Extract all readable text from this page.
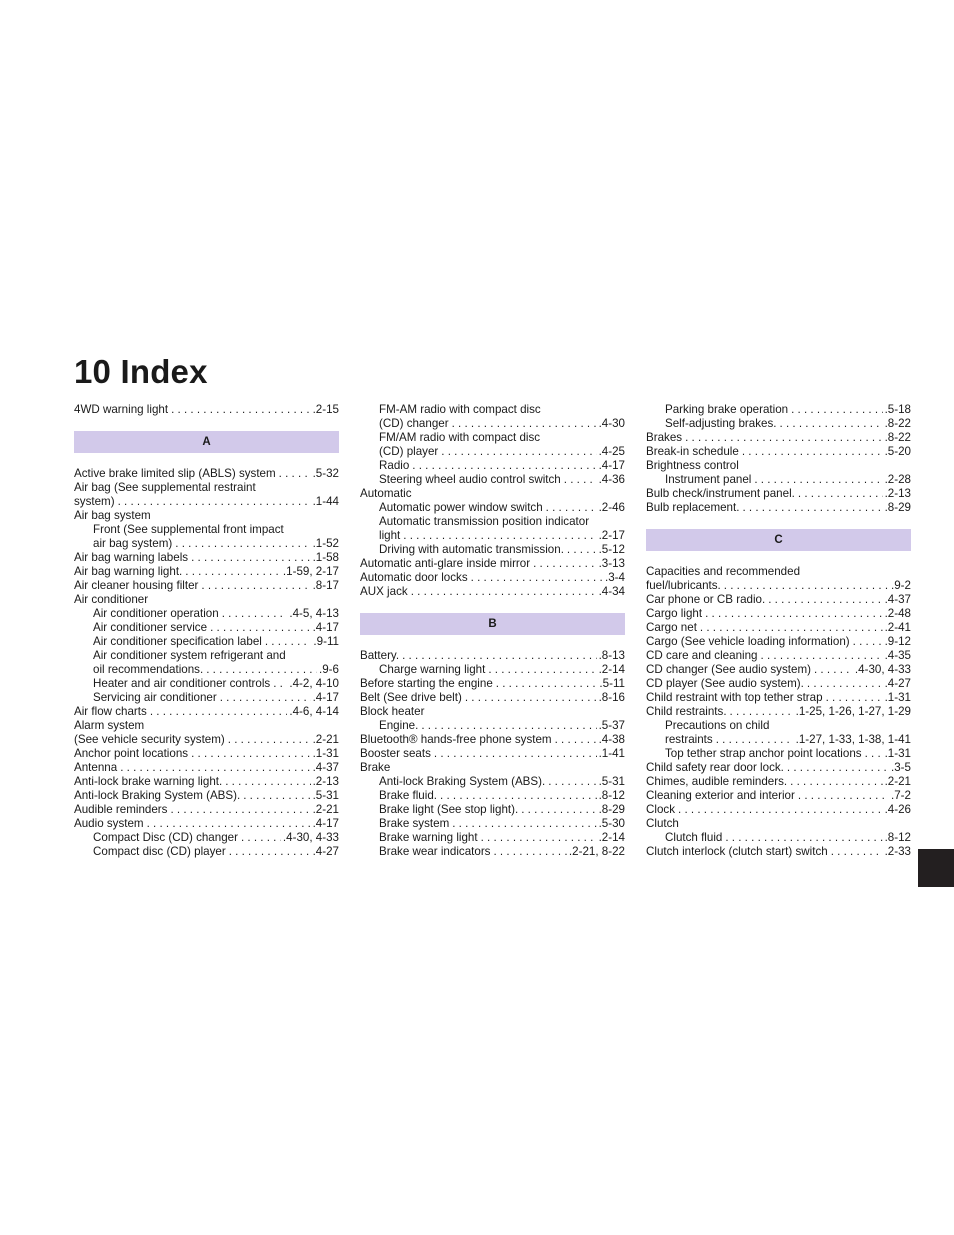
10 Index
4WD warning light . . .	.2-15
A
Active brake limited slip (ABLS) system . . .	.5-32
Air bag (See supplemental restraint
system) . . .	.1-44
Air bag system
Front (See supplemental front impact
air bag system) . . .	.1-52
Air bag warning labels . . .	.1-58
Air bag warning light. . . .	.1-59, 2-17
Air cleaner housing filter . . .	.8-17
Air conditioner
Air conditioner operation . . .	.4-5, 4-13
Air conditioner service . . .	.4-17
Air conditioner specification label . . .	.9-11
Air conditioner system refrigerant and
oil recommendations. . . .	.9-6
Heater and air conditioner controls . . . .4-2, 4-10
Servicing air conditioner . . .	.4-17
Air flow charts . . .	.4-6, 4-14
Alarm system
(See vehicle security system) . . .	.2-21
Anchor point locations . . .	.1-31
Antenna . . .	.4-37
Anti-lock brake warning light. . . .	.2-13
Anti-lock Braking System (ABS). . . .	.5-31
Audible reminders . . .	.2-21
Audio system . . .	.4-17
Compact Disc (CD) changer . . .	.4-30, 4-33
Compact disc (CD) player . . .	.4-27
FM-AM radio with compact disc
(CD) changer . . .	.4-30
FM/AM radio with compact disc
(CD) player . . .	.4-25
Radio . . .	.4-17
Steering wheel audio control switch . . .	.4-36
Automatic
Automatic power window switch . . .	.2-46
Automatic transmission position indicator
light . . .	.2-17
Driving with automatic transmission. . . .	.5-12
Automatic anti-glare inside mirror . . .	.3-13
Automatic door locks . . .	.3-4
AUX jack . . .	.4-34
B
Battery. . . .	.8-13
Charge warning light . . .	.2-14
Before starting the engine . . .	.5-11
Belt (See drive belt) . . .	.8-16
Block heater
Engine. . . .	.5-37
Bluetooth® hands-free phone system . . .	.4-38
Booster seats . . .	.1-41
Brake
Anti-lock Braking System (ABS). . . .	.5-31
Brake fluid. . . .	.8-12
Brake light (See stop light). . . .	.8-29
Brake system . . .	.5-30
Brake warning light . . .	.2-14
Brake wear indicators . . .	.2-21, 8-22
Parking brake operation . . .	.5-18
Self-adjusting brakes. . . .	.8-22
Brakes . . .	.8-22
Break-in schedule . . .	.5-20
Brightness control
Instrument panel . . .	.2-28
Bulb check/instrument panel. . . .	.2-13
Bulb replacement. . . .	.8-29
C
Capacities and recommended
fuel/lubricants. . . .	.9-2
Car phone or CB radio. . . .	.4-37
Cargo light . . .	.2-48
Cargo net . . .	.2-41
Cargo (See vehicle loading information) . . .	.9-12
CD care and cleaning . . .	.4-35
CD changer (See audio system) . . .	.4-30, 4-33
CD player (See audio system). . . .	.4-27
Child restraint with top tether strap . . .	.1-31
Child restraints. . . .	.1-25, 1-26, 1-27, 1-29
Precautions on child
restraints . . .	.1-27, 1-33, 1-38, 1-41
Top tether strap anchor point locations . . . .1-31
Child safety rear door lock. . . .	.3-5
Chimes, audible reminders. . . .	.2-21
Cleaning exterior and interior . . .	.7-2
Clock . . .	.4-26
Clutch
Clutch fluid . . .	.8-12
Clutch interlock (clutch start) switch . . .	.2-33
